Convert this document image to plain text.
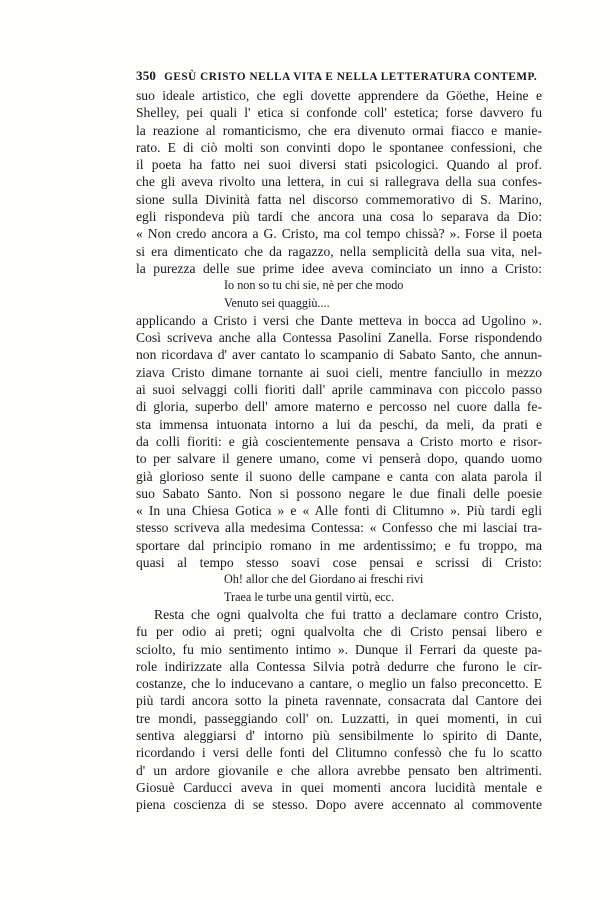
350 GESÙ CRISTO NELLA VITA E NELLA LETTERATURA CONTEMP.
suo ideale artistico, che egli dovette apprendere da Göethe, Heine e
Shelley, pei quali l' etica si confonde coll' estetica; forse davvero fu
la reazione al romanticismo, che era divenuto ormai fiacco e manie-
rato. E di ciò molti son convinti dopo le spontanee confessioni, che
il poeta ha fatto nei suoi diversi stati psicologici. Quando al prof.
che gli aveva rivolto una lettera, in cui si rallegrava della sua confes-
sione sulla Divinità fatta nel discorso commemorativo di S. Marino,
egli rispondeva più tardi che ancora una cosa lo separava da Dio:
« Non credo ancora a G. Cristo, ma col tempo chissà? ». Forse il poeta
si era dimenticato che da ragazzo, nella semplicità della sua vita, nel-
la purezza delle sue prime idee aveva cominciato un inno a Cristo:
Io non so tu chi sie, nè per che modo
Venuto sei quaggiù....
applicando a Cristo i versi che Dante metteva in bocca ad Ugolino ».
Così scriveva anche alla Contessa Pasolini Zanella. Forse rispondendo
non ricordava d' aver cantato lo scampanio di Sabato Santo, che annun-
ziava Cristo dimane tornante ai suoi cieli, mentre fanciullo in mezzo
ai suoi selvaggi colli fioriti dall' aprile camminava con piccolo passo
di gloria, superbo dell' amore materno e percosso nel cuore dalla fe-
sta immensa intuonata intorno a lui da peschi, da meli, da prati e
da colli fioriti: e già coscientemente pensava a Cristo morto e risor-
to per salvare il genere umano, come vi penserà dopo, quando uomo
già glorioso sente il suono delle campane e canta con alata parola il
suo Sabato Santo. Non si possono negare le due finali delle poesie
« In una Chiesa Gotica » e « Alle fonti di Clitumno ». Più tardi egli
stesso scriveva alla medesima Contessa: « Confesso che mi lasciai tra-
sportare dal principio romano in me ardentissimo; e fu troppo, ma
quasi al tempo stesso soavi cose pensai e scrissi di Cristo:
Oh! allor che del Giordano ai freschi rivi
Traea le turbe una gentil virtù, ecc.
Resta che ogni qualvolta che fui tratto a declamare contro Cristo,
fu per odio ai preti; ogni qualvolta che di Cristo pensai libero e
sciolto, fu mio sentimento intimo ». Dunque il Ferrari da queste pa-
role indirizzate alla Contessa Silvia potrà dedurre che furono le cir-
costanze, che lo inducevano a cantare, o meglio un falso preconcetto. E
più tardi ancora sotto la pineta ravennate, consacrata dal Cantore dei
tre mondi, passeggiando coll' on. Luzzatti, in quei momenti, in cui
sentiva aleggiarsi d' intorno più sensibilmente lo spirito di Dante,
ricordando i versi delle fonti del Clitumno confessò che fu lo scatto
d' un ardore giovanile e che allora avrebbe pensato ben altrimenti.
Giosuè Carducci aveva in quei momenti ancora lucidità mentale e
piena coscienza di se stesso. Dopo avere accennato al commovente
